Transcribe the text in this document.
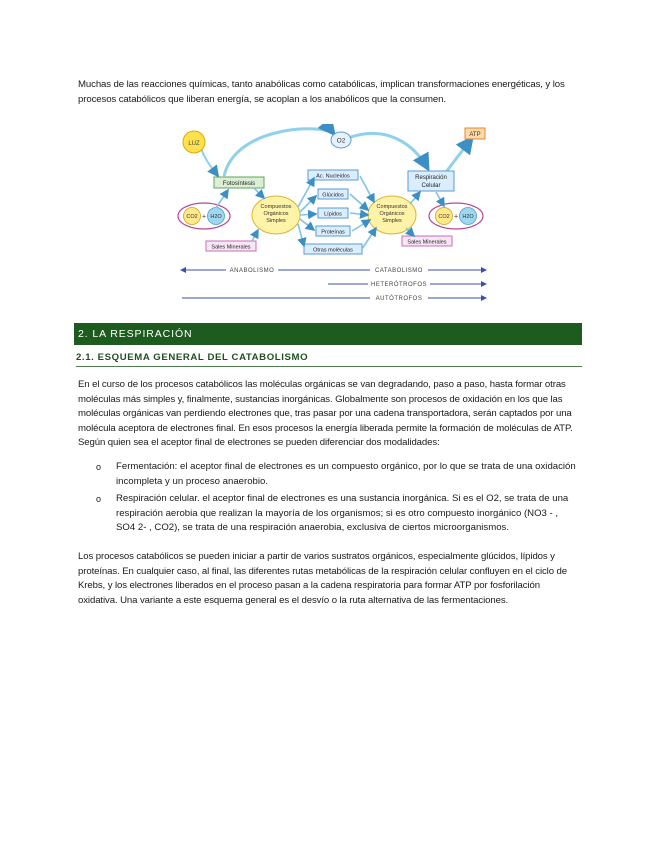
Muchas de las reacciones químicas, tanto anabólicas como catabólicas, implican transformaciones energéticas, y los procesos catabólicos que liberan energía, se acoplan a los anabólicos que la consumen.

LUZ	O2
ATP
Fotosíntesis
Respiración
Celular
CO2 + H2O	CO2 + H2O
Compuestos
Orgánicos
Simples
Compuestos
Orgánicos
Simples
Ac. Nucleidos
Glúcidos
Lípidos
Proteínas
Otras moléculas
Sales Minerales
Sales Minerales
ANABOLISMO	CATABOLISMO
HETERÓTROFOS
AUTÓTROFOS
2. LA RESPIRACIÓN
2.1. ESQUEMA GENERAL DEL CATABOLISMO

En el curso de los procesos catabólicos las moléculas orgánicas se van degradando, paso a paso, hasta formar otras moléculas más simples y, finalmente, sustancias inorgánicas. Globalmente son procesos de oxidación en los que las moléculas orgánicas van perdiendo electrones que, tras pasar por una cadena transportadora, serán captados por una molécula aceptora de electrones final. En esos procesos la energía liberada permite la formación de moléculas de ATP. Según quien sea el aceptor final de electrones se pueden diferenciar dos modalidades:

o Fermentación: el aceptor final de electrones es un compuesto orgánico, por lo que se trata de una oxidación incompleta y un proceso anaerobio.
o Respiración celular. el aceptor final de electrones es una sustancia inorgánica. Si es el O2, se trata de una respiración aerobia que realizan la mayoría de los organismos; si es otro compuesto inorgánico (NO3 - , SO4 2- , CO2), se trata de una respiración anaerobia, exclusiva de ciertos microorganismos.

Los procesos catabólicos se pueden iniciar a partir de varios sustratos orgánicos, especialmente glúcidos, lípidos y proteínas. En cualquier caso, al final, las diferentes rutas metabólicas de la respiración celular confluyen en el ciclo de Krebs, y los electrones liberados en el proceso pasan a la cadena respiratoria para formar ATP por fosforilación oxidativa. Una variante a este esquema general es el desvío o la ruta alternativa de las fermentaciones.
